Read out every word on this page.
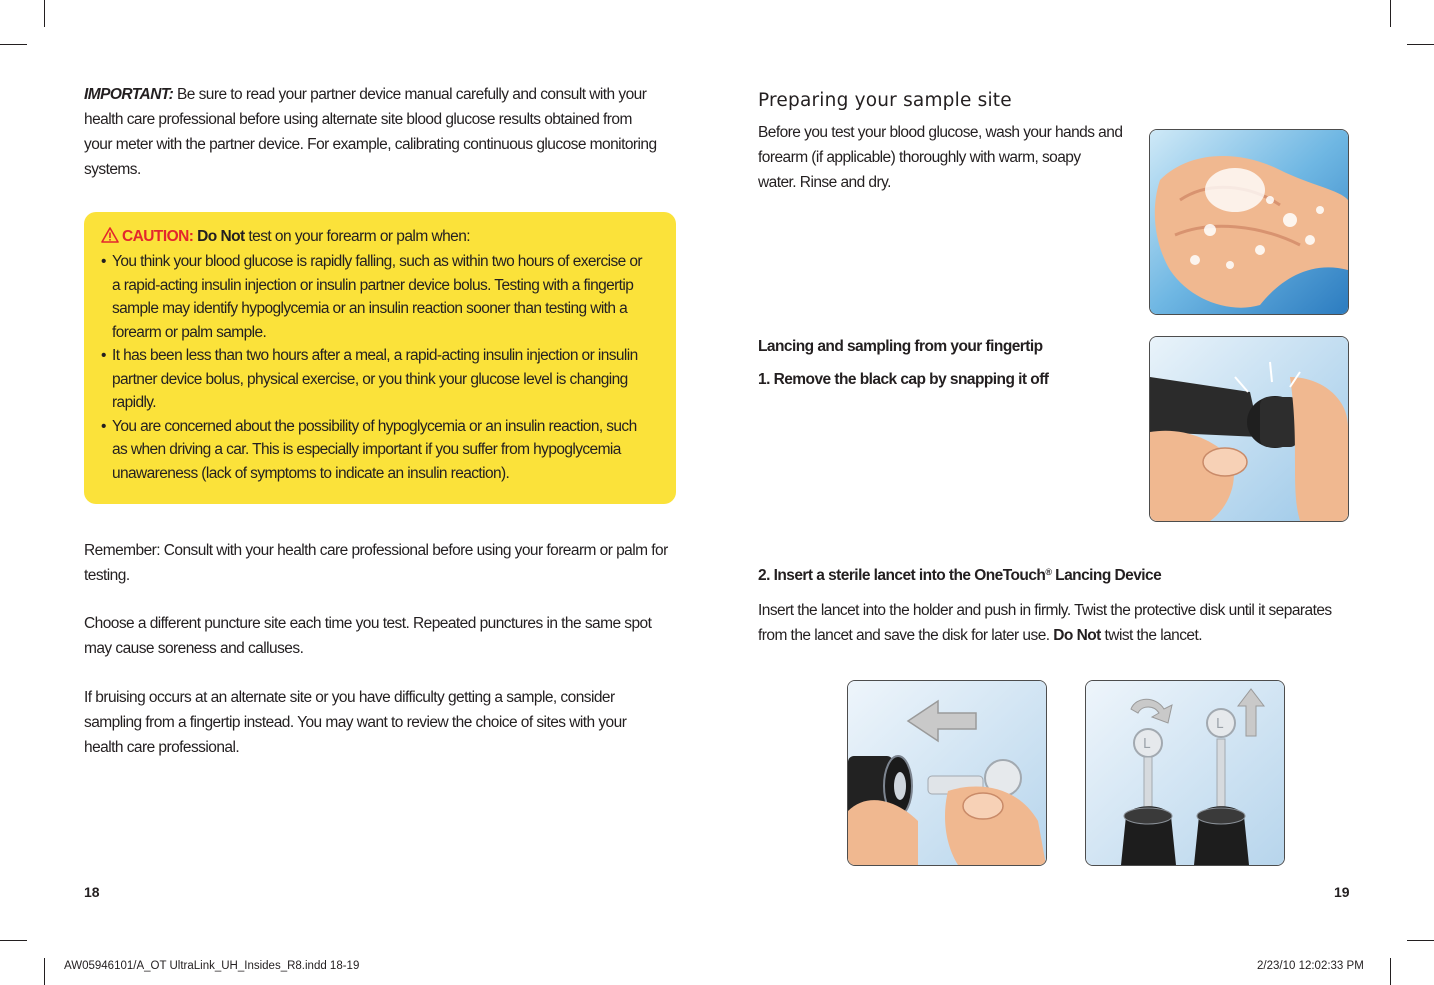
IMPORTANT: Be sure to read your partner device manual carefully and consult with your

health care professional before using alternate site blood glucose results obtained from

your meter with the partner device. For example, calibrating continuous glucose monitoring

systems.

CAUTION: Do Not test on your forearm or palm when:
• You think your blood glucose is rapidly falling, such as within two hours of exercise or
a rapid-acting insulin injection or insulin partner device bolus. Testing with a fingertip
sample may identify hypoglycemia or an insulin reaction sooner than testing with a
forearm or palm sample.
• It has been less than two hours after a meal, a rapid-acting insulin injection or insulin
partner device bolus, physical exercise, or you think your glucose level is changing
rapidly.
• You are concerned about the possibility of hypoglycemia or an insulin reaction, such
as when driving a car. This is especially important if you suffer from hypoglycemia
unawareness (lack of symptoms to indicate an insulin reaction).

Remember: Consult with your health care professional before using your forearm or palm for

testing.

Choose a different puncture site each time you test. Repeated punctures in the same spot

may cause soreness and calluses.

If bruising occurs at an alternate site or you have difficulty getting a sample, consider

sampling from a fingertip instead. You may want to review the choice of sites with your

health care professional.

18
Preparing your sample site

Before you test your blood glucose, wash your hands and

forearm (if applicable) thoroughly with warm, soapy

water. Rinse and dry.

Lancing and sampling from your fingertip
1. Remove the black cap by snapping it off
2. Insert a sterile lancet into the OneTouch® Lancing Device

Insert the lancet into the holder and push in firmly. Twist the protective disk until it separates

from the lancet and save the disk for later use. Do Not twist the lancet.

L
L
19
AW05946101/A_OT UltraLink_UH_Insides_R8.indd 18-19	2/23/10 12:02:33 PM
